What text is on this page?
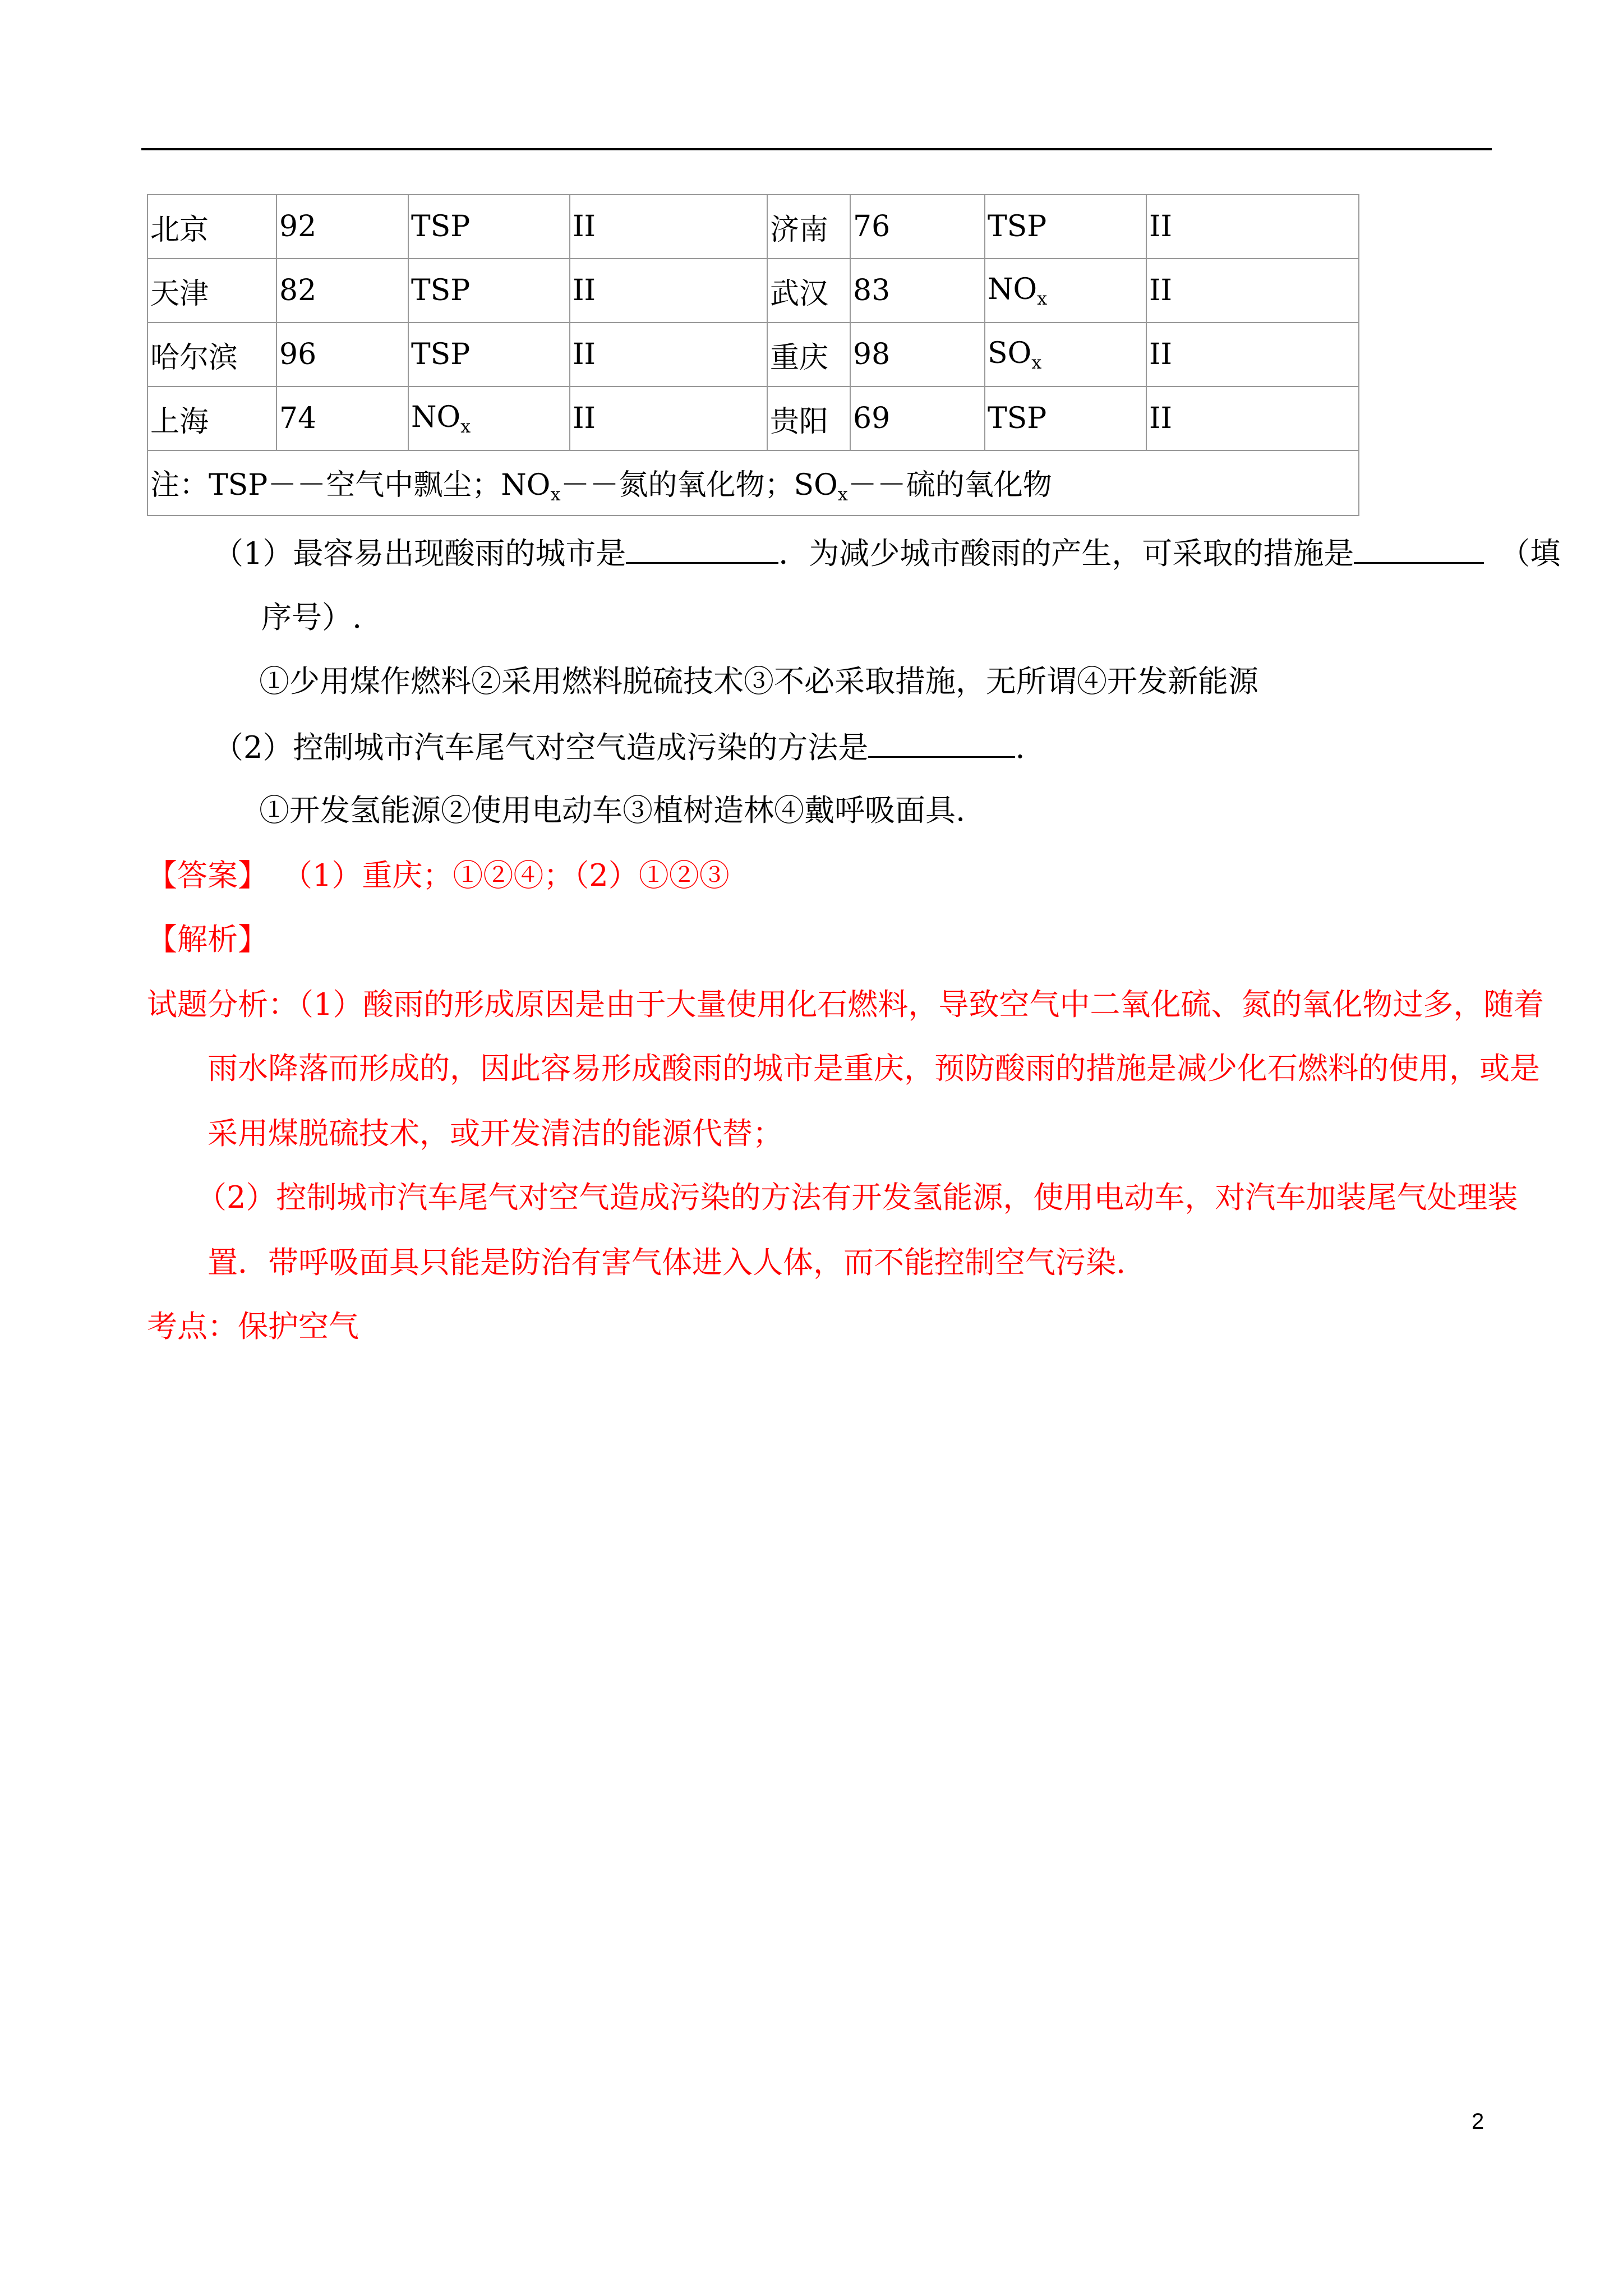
北京	92	TSP	II	济南	76	TSP	II
天津	82	TSP	II	武汉	83	$NO_x$	II
哈尔滨	96	TSP	II	重庆	98	$SO_x$	II
上海	74	$NO_x$	II	贵阳	69	TSP	II
注：TSP－－空气中飘尘；$NO_x--$氮的氧化物；$SO_x--$硫的氧化物							
（1）最容易出现酸雨的城市是	．为减少城市酸雨的产生，可采取的措施是	（填
序号）.
①少用煤作燃料②采用燃料脱硫技术③不必采取措施，无所谓④开发新能源
（2）控制城市汽车尾气对空气造成污染的方法是	.
①开发氢能源②使用电动车③植树造林④戴呼吸面具.
【答案】 （1）重庆；①②④；（2）①②③
【解析】
试题分析：（1）酸雨的形成原因是由于大量使用化石燃料，导致空气中二氧化硫、氮的氧化物过多，随着
雨水降落而形成的，因此容易形成酸雨的城市是重庆，预防酸雨的措施是减少化石燃料的使用，或是
采用煤脱硫技术，或开发清洁的能源代替；
（2）控制城市汽车尾气对空气造成污染的方法有开发氢能源，使用电动车，对汽车加装尾气处理装
置．带呼吸面具只能是防治有害气体进入人体，而不能控制空气污染.
考点：保护空气
2
